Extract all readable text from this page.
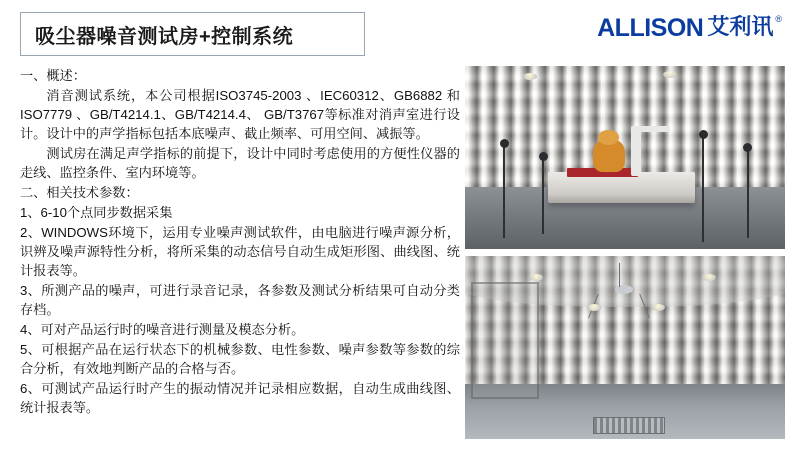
吸尘器噪音测试房+控制系统	ALLISON 艾利讯 ®

一、概述：

消音测试系统，本公司根据ISO3745-2003 、IEC60312、GB6882 和ISO7779 、GB/T4214.1、GB/T4214.4、 GB/T3767等标准对消声室进行设计。设计中的声学指标包括本底噪声、截止频率、可用空间、减振等。

测试房在满足声学指标的前提下，设计中同时考虑使用的方便性仪器的走线、监控条件、室内环境等。

二、相关技术参数：

1、6-10个点同步数据采集

2、WINDOWS环境下，运用专业噪声测试软件，由电脑进行噪声源分析，识辨及噪声源特性分析，将所采集的动态信号自动生成矩形图、曲线图、统计报表等。

3、所测产品的噪声，可进行录音记录，各参数及测试分析结果可自动分类存档。

4、可对产品运行时的噪音进行测量及模态分析。

5、可根据产品在运行状态下的机械参数、电性参数、噪声参数等参数的综合分析，有效地判断产品的合格与否。

6、可测试产品运行时产生的振动情况并记录相应数据，自动生成曲线图、统计报表等。
